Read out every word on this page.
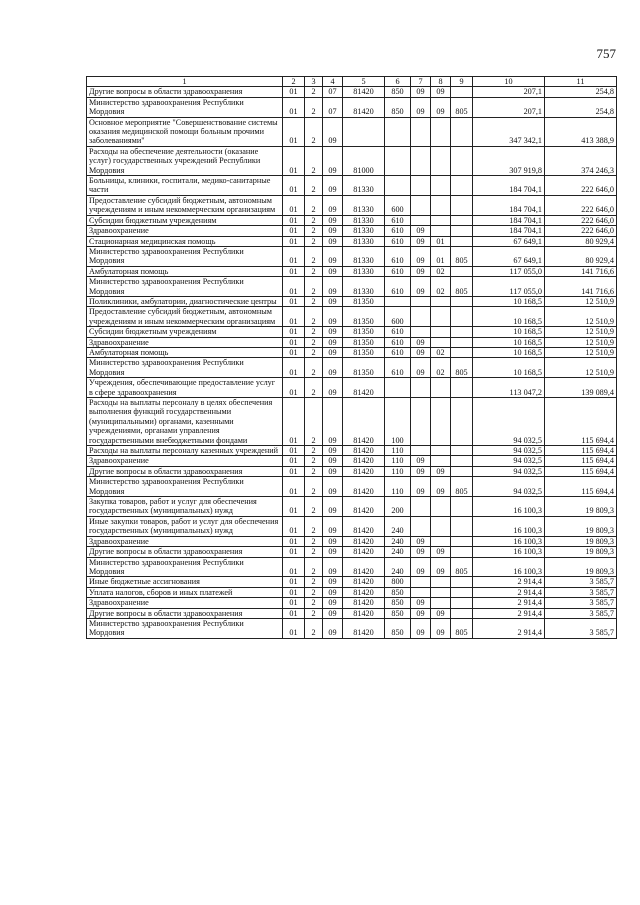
757
1	2	3	4	5	6	7	8	9	10	11
Другие вопросы в области здравоохранения	01	2	07	81420	850	09	09		207,1	254,8
Министерство здравоохранения Республики Мордовия	01	2	07	81420	850	09	09	805	207,1	254,8
Основное мероприятие "Совершенствование системы оказания медицинской помощи больным прочими заболеваниями"	01	2	09						347 342,1	413 388,9
Расходы на обеспечение деятельности (оказание услуг) государственных учреждений Республики Мордовия	01	2	09	81000					307 919,8	374 246,3
Больницы, клиники, госпитали, медико-санитарные части	01	2	09	81330					184 704,1	222 646,0
Предоставление субсидий бюджетным, автономным учреждениям и иным некоммерческим организациям	01	2	09	81330	600				184 704,1	222 646,0
Субсидии бюджетным учреждениям	01	2	09	81330	610				184 704,1	222 646,0
Здравоохранение	01	2	09	81330	610	09			184 704,1	222 646,0
Стационарная медицинская помощь	01	2	09	81330	610	09	01		67 649,1	80 929,4
Министерство здравоохранения Республики Мордовия	01	2	09	81330	610	09	01	805	67 649,1	80 929,4
Амбулаторная помощь	01	2	09	81330	610	09	02		117 055,0	141 716,6
Министерство здравоохранения Республики Мордовия	01	2	09	81330	610	09	02	805	117 055,0	141 716,6
Поликлиники, амбулатории, диагностические центры	01	2	09	81350					10 168,5	12 510,9
Предоставление субсидий бюджетным, автономным учреждениям и иным некоммерческим организациям	01	2	09	81350	600				10 168,5	12 510,9
Субсидии бюджетным учреждениям	01	2	09	81350	610				10 168,5	12 510,9
Здравоохранение	01	2	09	81350	610	09			10 168,5	12 510,9
Амбулаторная помощь	01	2	09	81350	610	09	02		10 168,5	12 510,9
Министерство здравоохранения Республики Мордовия	01	2	09	81350	610	09	02	805	10 168,5	12 510,9
Учреждения, обеспечивающие предоставление услуг в сфере здравоохранения	01	2	09	81420					113 047,2	139 089,4
Расходы на выплаты персоналу в целях обеспечения выполнения функций государственными (муниципальными) органами, казенными учреждениями, органами управления государственными внебюджетными фондами	01	2	09	81420	100				94 032,5	115 694,4
Расходы на выплаты персоналу казенных учреждений	01	2	09	81420	110				94 032,5	115 694,4
Здравоохранение	01	2	09	81420	110	09			94 032,5	115 694,4
Другие вопросы в области здравоохранения	01	2	09	81420	110	09	09		94 032,5	115 694,4
Министерство здравоохранения Республики Мордовия	01	2	09	81420	110	09	09	805	94 032,5	115 694,4
Закупка товаров, работ и услуг для обеспечения государственных (муниципальных) нужд	01	2	09	81420	200				16 100,3	19 809,3
Иные закупки товаров, работ и услуг для обеспечения государственных (муниципальных) нужд	01	2	09	81420	240				16 100,3	19 809,3
Здравоохранение	01	2	09	81420	240	09			16 100,3	19 809,3
Другие вопросы в области здравоохранения	01	2	09	81420	240	09	09		16 100,3	19 809,3
Министерство здравоохранения Республики Мордовия	01	2	09	81420	240	09	09	805	16 100,3	19 809,3
Иные бюджетные ассигнования	01	2	09	81420	800				2 914,4	3 585,7
Уплата налогов, сборов и иных платежей	01	2	09	81420	850				2 914,4	3 585,7
Здравоохранение	01	2	09	81420	850	09			2 914,4	3 585,7
Другие вопросы в области здравоохранения	01	2	09	81420	850	09	09		2 914,4	3 585,7
Министерство здравоохранения Республики Мордовия	01	2	09	81420	850	09	09	805	2 914,4	3 585,7
